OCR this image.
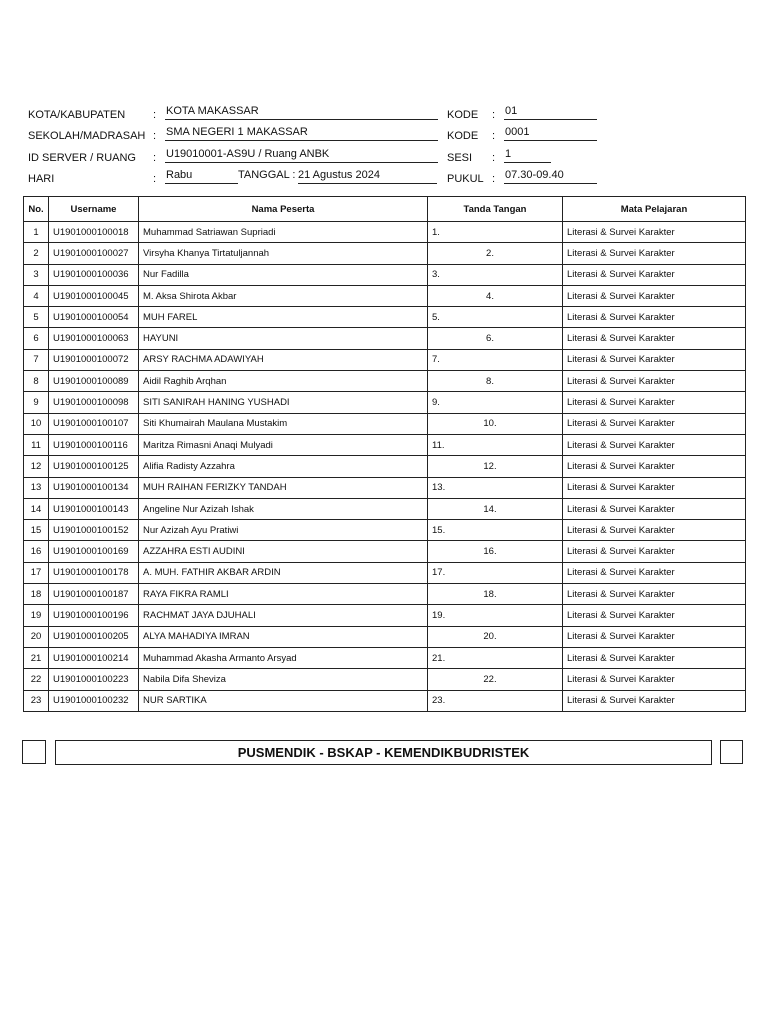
KOTA/KABUPATEN	: KOTA MAKASSAR	KODE : 01
SEKOLAH/MADRASAH : SMA NEGERI 1 MAKASSAR	KODE : 0001
ID SERVER / RUANG : U19010001-AS9U / Ruang ANBK	SESI : 1
HARI	: Rabu	TANGGAL : 21 Agustus 2024	PUKUL : 07.30-09.40
No.	Username	Nama Peserta	Tanda Tangan	Mata Pelajaran
1	U1901000100018	Muhammad Satriawan Supriadi	1.	Literasi & Survei Karakter
2	U1901000100027	Virsyha Khanya Tirtatuljannah	2.	Literasi & Survei Karakter
3	U1901000100036	Nur Fadilla	3.	Literasi & Survei Karakter
4	U1901000100045	M. Aksa Shirota Akbar	4.	Literasi & Survei Karakter
5	U1901000100054	MUH FAREL	5.	Literasi & Survei Karakter
6	U1901000100063	HAYUNI	6.	Literasi & Survei Karakter
7	U1901000100072	ARSY RACHMA ADAWIYAH	7.	Literasi & Survei Karakter
8	U1901000100089	Aidil Raghib Arqhan	8.	Literasi & Survei Karakter
9	U1901000100098	SITI SANIRAH HANING YUSHADI	9.	Literasi & Survei Karakter
10	U1901000100107	Siti Khumairah Maulana Mustakim	10.	Literasi & Survei Karakter
11	U1901000100116	Maritza Rimasni Anaqi Mulyadi	11.	Literasi & Survei Karakter
12	U1901000100125	Alifia Radisty Azzahra	12.	Literasi & Survei Karakter
13	U1901000100134	MUH RAIHAN FERIZKY TANDAH	13.	Literasi & Survei Karakter
14	U1901000100143	Angeline Nur Azizah Ishak	14.	Literasi & Survei Karakter
15	U1901000100152	Nur Azizah Ayu Pratiwi	15.	Literasi & Survei Karakter
16	U1901000100169	AZZAHRA ESTI AUDINI	16.	Literasi & Survei Karakter
17	U1901000100178	A. MUH. FATHIR AKBAR ARDIN	17.	Literasi & Survei Karakter
18	U1901000100187	RAYA FIKRA RAMLI	18.	Literasi & Survei Karakter
19	U1901000100196	RACHMAT JAYA DJUHALI	19.	Literasi & Survei Karakter
20	U1901000100205	ALYA MAHADIYA IMRAN	20.	Literasi & Survei Karakter
21	U1901000100214	Muhammad Akasha Armanto Arsyad	21.	Literasi & Survei Karakter
22	U1901000100223	Nabila Difa Sheviza	22.	Literasi & Survei Karakter
23	U1901000100232	NUR SARTIKA	23.	Literasi & Survei Karakter
PUSMENDIK - BSKAP - KEMENDIKBUDRISTEK
